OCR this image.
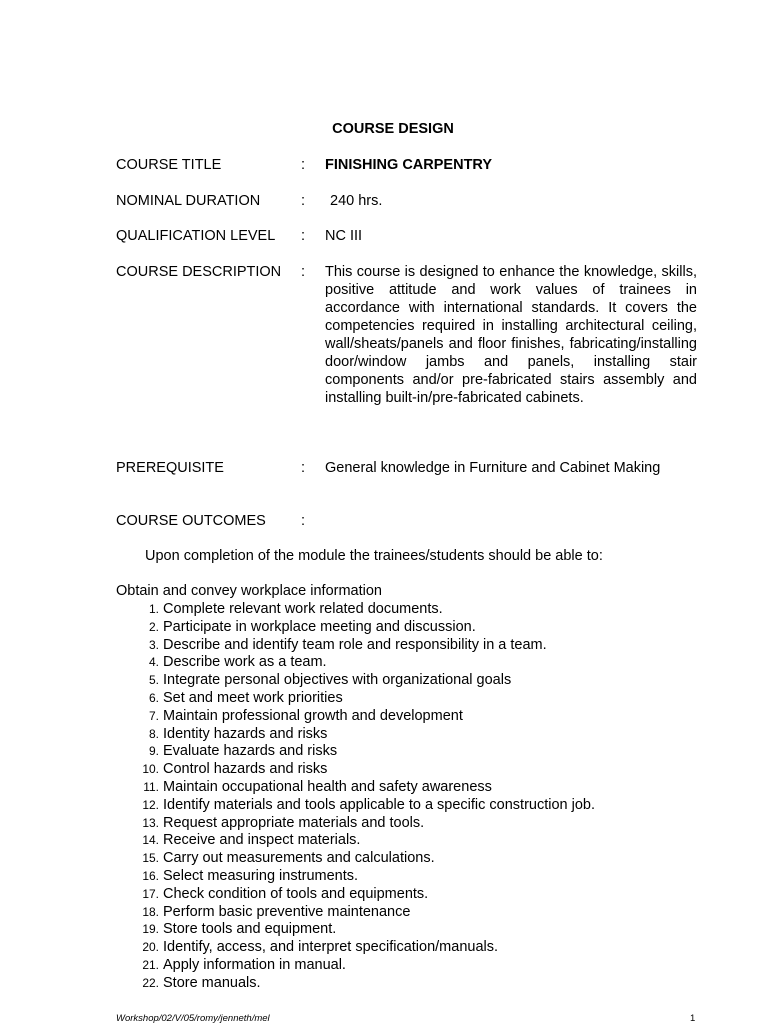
COURSE DESIGN
COURSE TITLE	: FINISHING CARPENTRY
NOMINAL DURATION	: 240 hrs.
QUALIFICATION LEVEL : NC III
COURSE DESCRIPTION : This course is designed to enhance the knowledge, skills, positive attitude and work values of trainees in accordance with international standards. It covers the competencies required in installing architectural ceiling, wall/sheats/panels and floor finishes, fabricating/installing door/window jambs and panels, installing stair components and/or pre-fabricated stairs assembly and installing built-in/pre-fabricated cabinets.
PREREQUISITE	: General knowledge in Furniture and Cabinet Making
COURSE OUTCOMES :
Upon completion of the module the trainees/students should be able to:
Obtain and convey workplace information
1. Complete relevant work related documents.
2. Participate in workplace meeting and discussion.
3. Describe and identify team role and responsibility in a team.
4. Describe work as a team.
5. Integrate personal objectives with organizational goals
6. Set and meet work priorities
7. Maintain professional growth and development
8. Identity hazards and risks
9. Evaluate hazards and risks
10. Control hazards and risks
11. Maintain occupational health and safety awareness
12. Identify materials and tools applicable to a specific construction job.
13. Request appropriate materials and tools.
14. Receive and inspect materials.
15. Carry out measurements and calculations.
16. Select measuring instruments.
17. Check condition of tools and equipments.
18. Perform basic preventive maintenance
19. Store tools and equipment.
20. Identify, access, and interpret specification/manuals.
21. Apply information in manual.
22. Store manuals.
Workshop/02/V/05/romy/jenneth/mel	1
